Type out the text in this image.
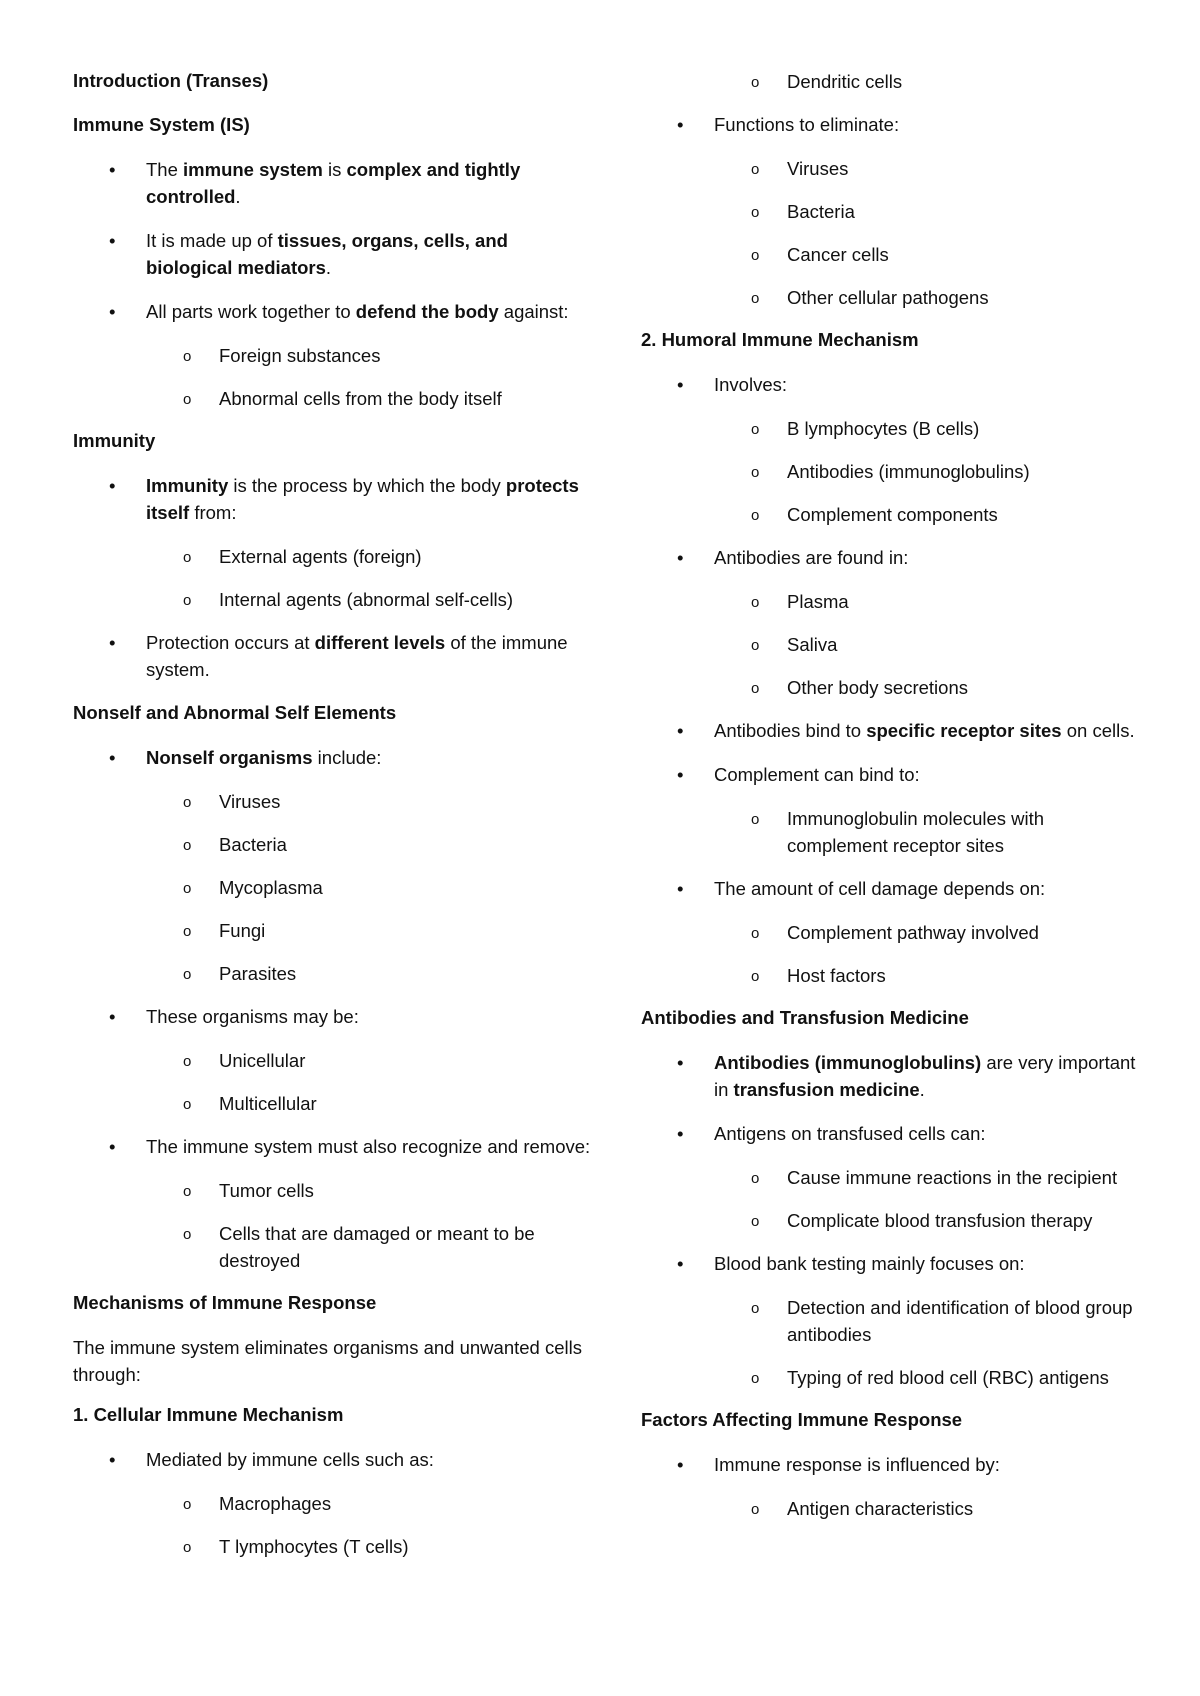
Introduction (Transes)
Immune System (IS)
• The immune system is complex and tightly controlled.
• It is made up of tissues, organs, cells, and biological mediators.
• All parts work together to defend the body against:
o Foreign substances
o Abnormal cells from the body itself
Immunity
• Immunity is the process by which the body protects itself from:
o External agents (foreign)
o Internal agents (abnormal self-cells)
• Protection occurs at different levels of the immune system.
Nonself and Abnormal Self Elements
• Nonself organisms include:
o Viruses
o Bacteria
o Mycoplasma
o Fungi
o Parasites
• These organisms may be:
o Unicellular
o Multicellular
• The immune system must also recognize and remove:
o Tumor cells
o Cells that are damaged or meant to be destroyed
Mechanisms of Immune Response
The immune system eliminates organisms and unwanted cells through:
1. Cellular Immune Mechanism
• Mediated by immune cells such as:
o Macrophages
o T lymphocytes (T cells)
o Dendritic cells
• Functions to eliminate:
o Viruses
o Bacteria
o Cancer cells
o Other cellular pathogens
2. Humoral Immune Mechanism
• Involves:
o B lymphocytes (B cells)
o Antibodies (immunoglobulins)
o Complement components
• Antibodies are found in:
o Plasma
o Saliva
o Other body secretions
• Antibodies bind to specific receptor sites on cells.
• Complement can bind to:
o Immunoglobulin molecules with complement receptor sites
• The amount of cell damage depends on:
o Complement pathway involved
o Host factors
Antibodies and Transfusion Medicine
• Antibodies (immunoglobulins) are very important in transfusion medicine.
• Antigens on transfused cells can:
o Cause immune reactions in the recipient
o Complicate blood transfusion therapy
• Blood bank testing mainly focuses on:
o Detection and identification of blood group antibodies
o Typing of red blood cell (RBC) antigens
Factors Affecting Immune Response
• Immune response is influenced by:
o Antigen characteristics
